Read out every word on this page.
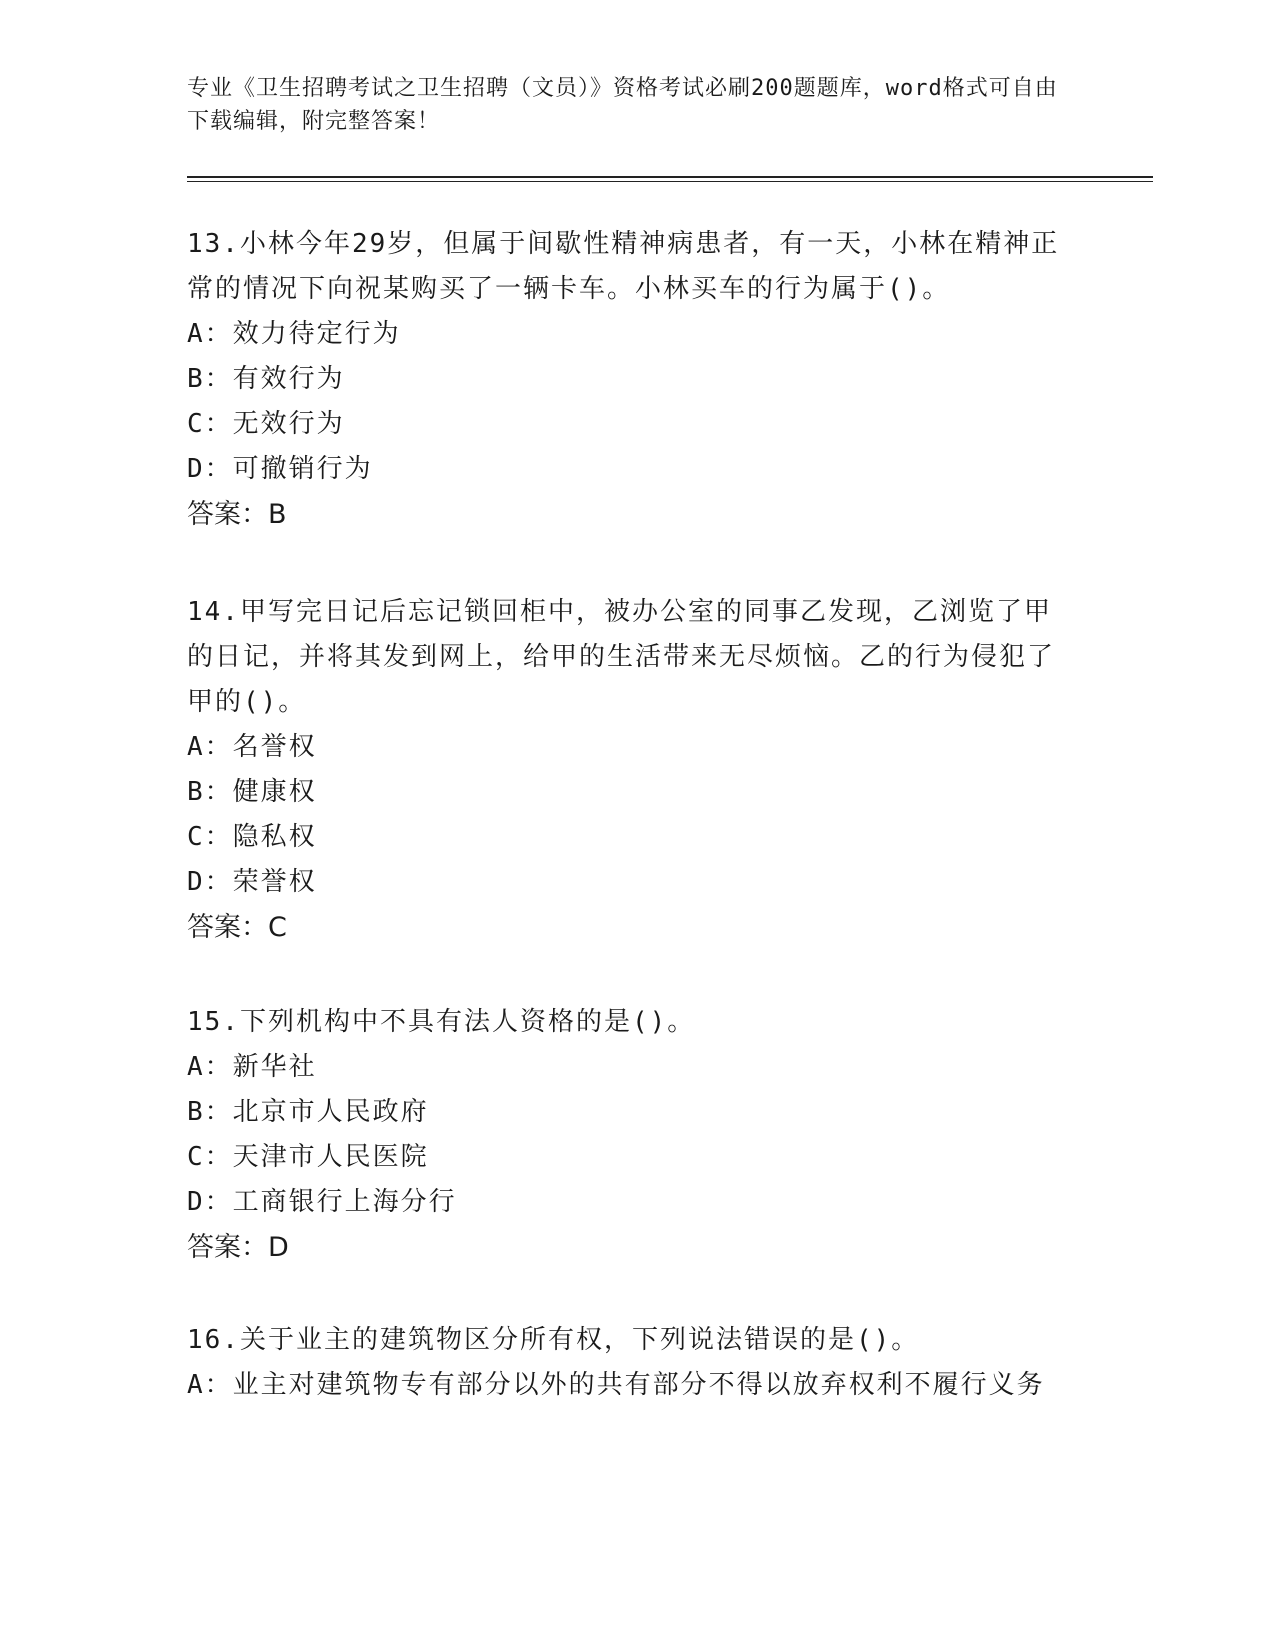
专业《卫生招聘考试之卫生招聘（文员）》资格考试必刷200题题库，word格式可自由下载编辑，附完整答案！

13.小林今年29岁，但属于间歇性精神病患者，有一天，小林在精神正常的情况下向祝某购买了一辆卡车。小林买车的行为属于()。

A：效力待定行为

B：有效行为

C：无效行为

D：可撤销行为

答案：B

14.甲写完日记后忘记锁回柜中，被办公室的同事乙发现，乙浏览了甲的日记，并将其发到网上，给甲的生活带来无尽烦恼。乙的行为侵犯了甲的()。

A：名誉权

B：健康权

C：隐私权

D：荣誉权

答案：C

15.下列机构中不具有法人资格的是()。

A：新华社

B：北京市人民政府

C：天津市人民医院

D：工商银行上海分行

答案：D

16.关于业主的建筑物区分所有权，下列说法错误的是()。

A：业主对建筑物专有部分以外的共有部分不得以放弃权利不履行义务
